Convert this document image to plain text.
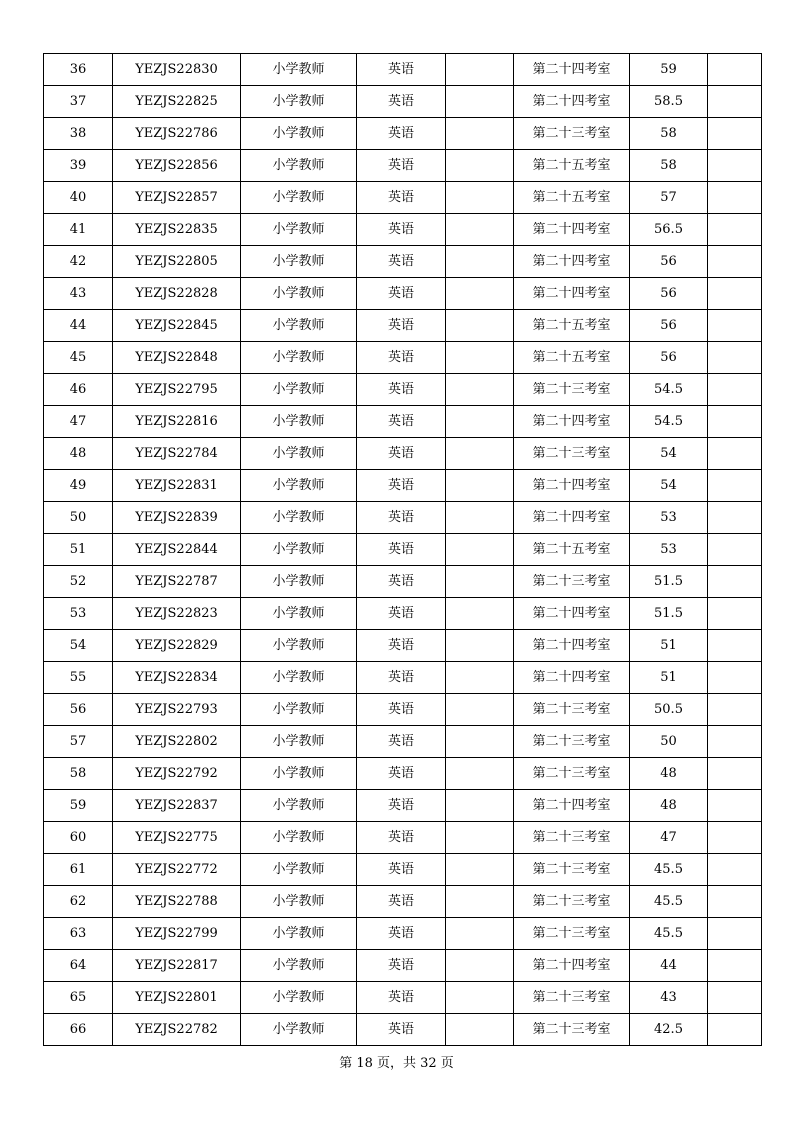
36	YEZJS22830	小学教师	英语		第二十四考室	59	
37	YEZJS22825	小学教师	英语		第二十四考室	58.5	
38	YEZJS22786	小学教师	英语		第二十三考室	58	
39	YEZJS22856	小学教师	英语		第二十五考室	58	
40	YEZJS22857	小学教师	英语		第二十五考室	57	
41	YEZJS22835	小学教师	英语		第二十四考室	56.5	
42	YEZJS22805	小学教师	英语		第二十四考室	56	
43	YEZJS22828	小学教师	英语		第二十四考室	56	
44	YEZJS22845	小学教师	英语		第二十五考室	56	
45	YEZJS22848	小学教师	英语		第二十五考室	56	
46	YEZJS22795	小学教师	英语		第二十三考室	54.5	
47	YEZJS22816	小学教师	英语		第二十四考室	54.5	
48	YEZJS22784	小学教师	英语		第二十三考室	54	
49	YEZJS22831	小学教师	英语		第二十四考室	54	
50	YEZJS22839	小学教师	英语		第二十四考室	53	
51	YEZJS22844	小学教师	英语		第二十五考室	53	
52	YEZJS22787	小学教师	英语		第二十三考室	51.5	
53	YEZJS22823	小学教师	英语		第二十四考室	51.5	
54	YEZJS22829	小学教师	英语		第二十四考室	51	
55	YEZJS22834	小学教师	英语		第二十四考室	51	
56	YEZJS22793	小学教师	英语		第二十三考室	50.5	
57	YEZJS22802	小学教师	英语		第二十三考室	50	
58	YEZJS22792	小学教师	英语		第二十三考室	48	
59	YEZJS22837	小学教师	英语		第二十四考室	48	
60	YEZJS22775	小学教师	英语		第二十三考室	47	
61	YEZJS22772	小学教师	英语		第二十三考室	45.5	
62	YEZJS22788	小学教师	英语		第二十三考室	45.5	
63	YEZJS22799	小学教师	英语		第二十三考室	45.5	
64	YEZJS22817	小学教师	英语		第二十四考室	44	
65	YEZJS22801	小学教师	英语		第二十三考室	43	
66	YEZJS22782	小学教师	英语		第二十三考室	42.5	
第 18 页，共 32 页
